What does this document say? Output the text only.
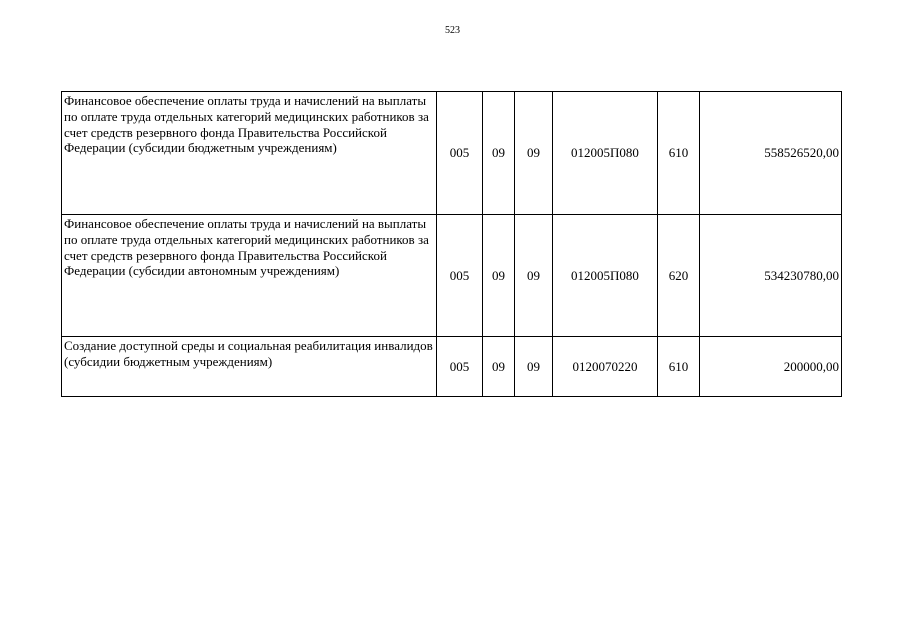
523
Финансовое обеспечение оплаты труда и начислений на выплаты по оплате труда отдельных категорий медицинских работников за счет средств резервного фонда Правительства Российской Федерации (субсидии бюджетным учреждениям)	005	09	09	012005П080	610	558526520,00
Финансовое обеспечение оплаты труда и начислений на выплаты по оплате труда отдельных категорий медицинских работников за счет средств резервного фонда Правительства Российской Федерации (субсидии автономным учреждениям)	005	09	09	012005П080	620	534230780,00
Создание доступной среды и социальная реабилитация инвалидов (субсидии бюджетным учреждениям)	005	09	09	0120070220	610	200000,00
